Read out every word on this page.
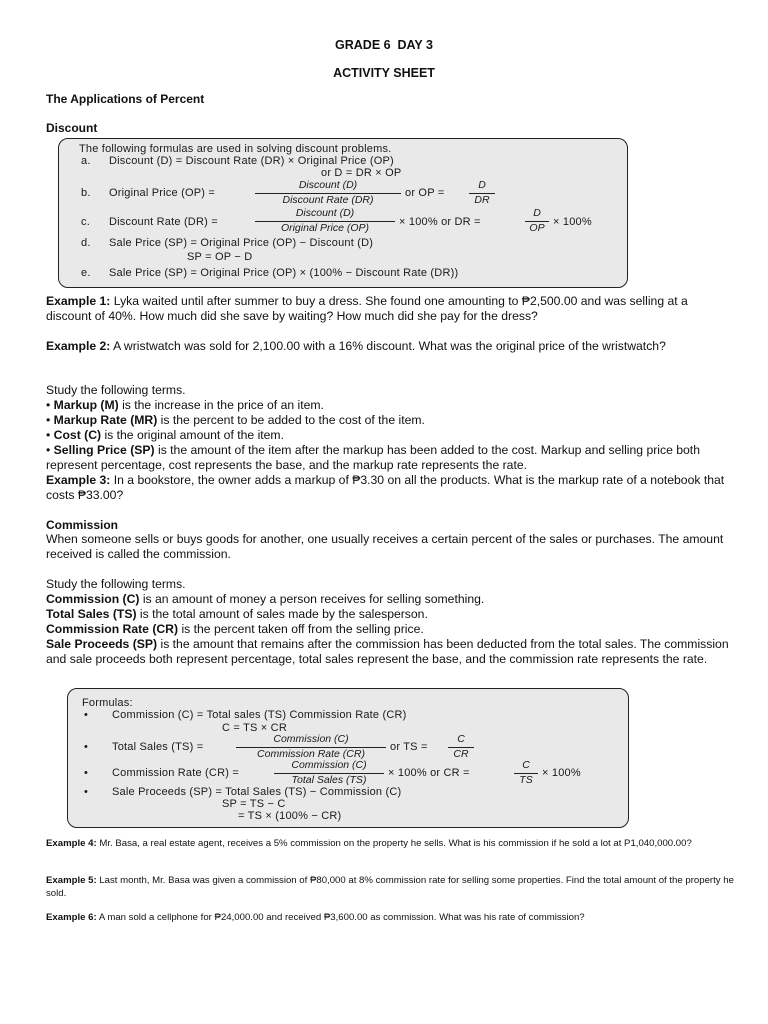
GRADE 6  DAY 3
ACTIVITY SHEET
The Applications of Percent
Discount
The following formulas are used in solving discount problems.
a. Discount (D) = Discount Rate (DR) × Original Price (OP)
or D = DR × OP
b. Original Price (OP) =
Discount (D)
Discount Rate (DR)
or OP =
D
DR
c. Discount Rate (DR) =
Discount (D)
Original Price (OP)	× 100% or DR =
D
OP × 100%
d. Sale Price (SP) = Original Price (OP) − Discount (D)
SP = OP − D
e. Sale Price (SP) = Original Price (OP) × (100% − Discount Rate (DR))
Example 1: Lyka waited until after summer to buy a dress. She found one amounting to ₱2,500.00 and was selling at a discount of 40%. How much did she save by waiting? How much did she pay for the dress?
Example 2: A wristwatch was sold for 2,100.00 with a 16% discount. What was the original price of the wristwatch?
Study the following terms.
• Markup (M) is the increase in the price of an item.
• Markup Rate (MR) is the percent to be added to the cost of the item.
• Cost (C) is the original amount of the item.
• Selling Price (SP) is the amount of the item after the markup has been added to the cost. Markup and selling price both represent percentage, cost represents the base, and the markup rate represents the rate.
Example 3: In a bookstore, the owner adds a markup of ₱3.30 on all the products. What is the markup rate of a notebook that costs ₱33.00?
Commission
When someone sells or buys goods for another, one usually receives a certain percent of the sales or purchases. The amount received is called the commission.
Study the following terms.
Commission (C) is an amount of money a person receives for selling something.
Total Sales (TS) is the total amount of sales made by the salesperson.
Commission Rate (CR) is the percent taken off from the selling price.
Sale Proceeds (SP) is the amount that remains after the commission has been deducted from the total sales. The commission and sale proceeds both represent percentage, total sales represent the base, and the commission rate represents the rate.
Formulas:
• Commission (C) = Total sales (TS) Commission Rate (CR)
C = TS × CR
• Total Sales (TS) =
Commission (C)
Commission Rate (CR)
or TS =
C
CR
• Commission Rate (CR) =
Commission (C)
Total Sales (TS)
× 100% or CR =
C
TS
× 100%
• Sale Proceeds (SP) = Total Sales (TS) − Commission (C)
SP = TS − C
= TS × (100% − CR)
Example 4: Mr. Basa, a real estate agent, receives a 5% commission on the property he sells. What is his commission if he sold a lot at P1,040,000.00?
Example 5: Last month, Mr. Basa was given a commission of ₱80,000 at 8% commission rate for selling some properties. Find the total amount of the property he sold.
Example 6: A man sold a cellphone for ₱24,000.00 and received ₱3,600.00 as commission. What was his rate of commission?
